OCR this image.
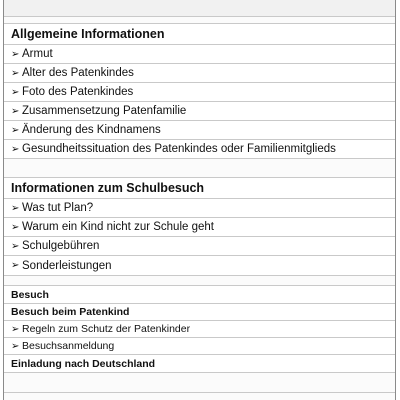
Allgemeine Informationen
➢ Armut
➢ Alter des Patenkindes
➢ Foto des Patenkindes
➢ Zusammensetzung Patenfamilie
➢ Änderung des Kindnamens
➢ Gesundheitssituation des Patenkindes oder Familienmitglieds
Informationen zum Schulbesuch
➢ Was tut Plan?
➢ Warum ein Kind nicht zur Schule geht
➢ Schulgebühren
➢ Sonderleistungen
Besuch
Besuch beim Patenkind
➢ Regeln zum Schutz der Patenkinder
➢ Besuchsanmeldung
Einladung nach Deutschland
